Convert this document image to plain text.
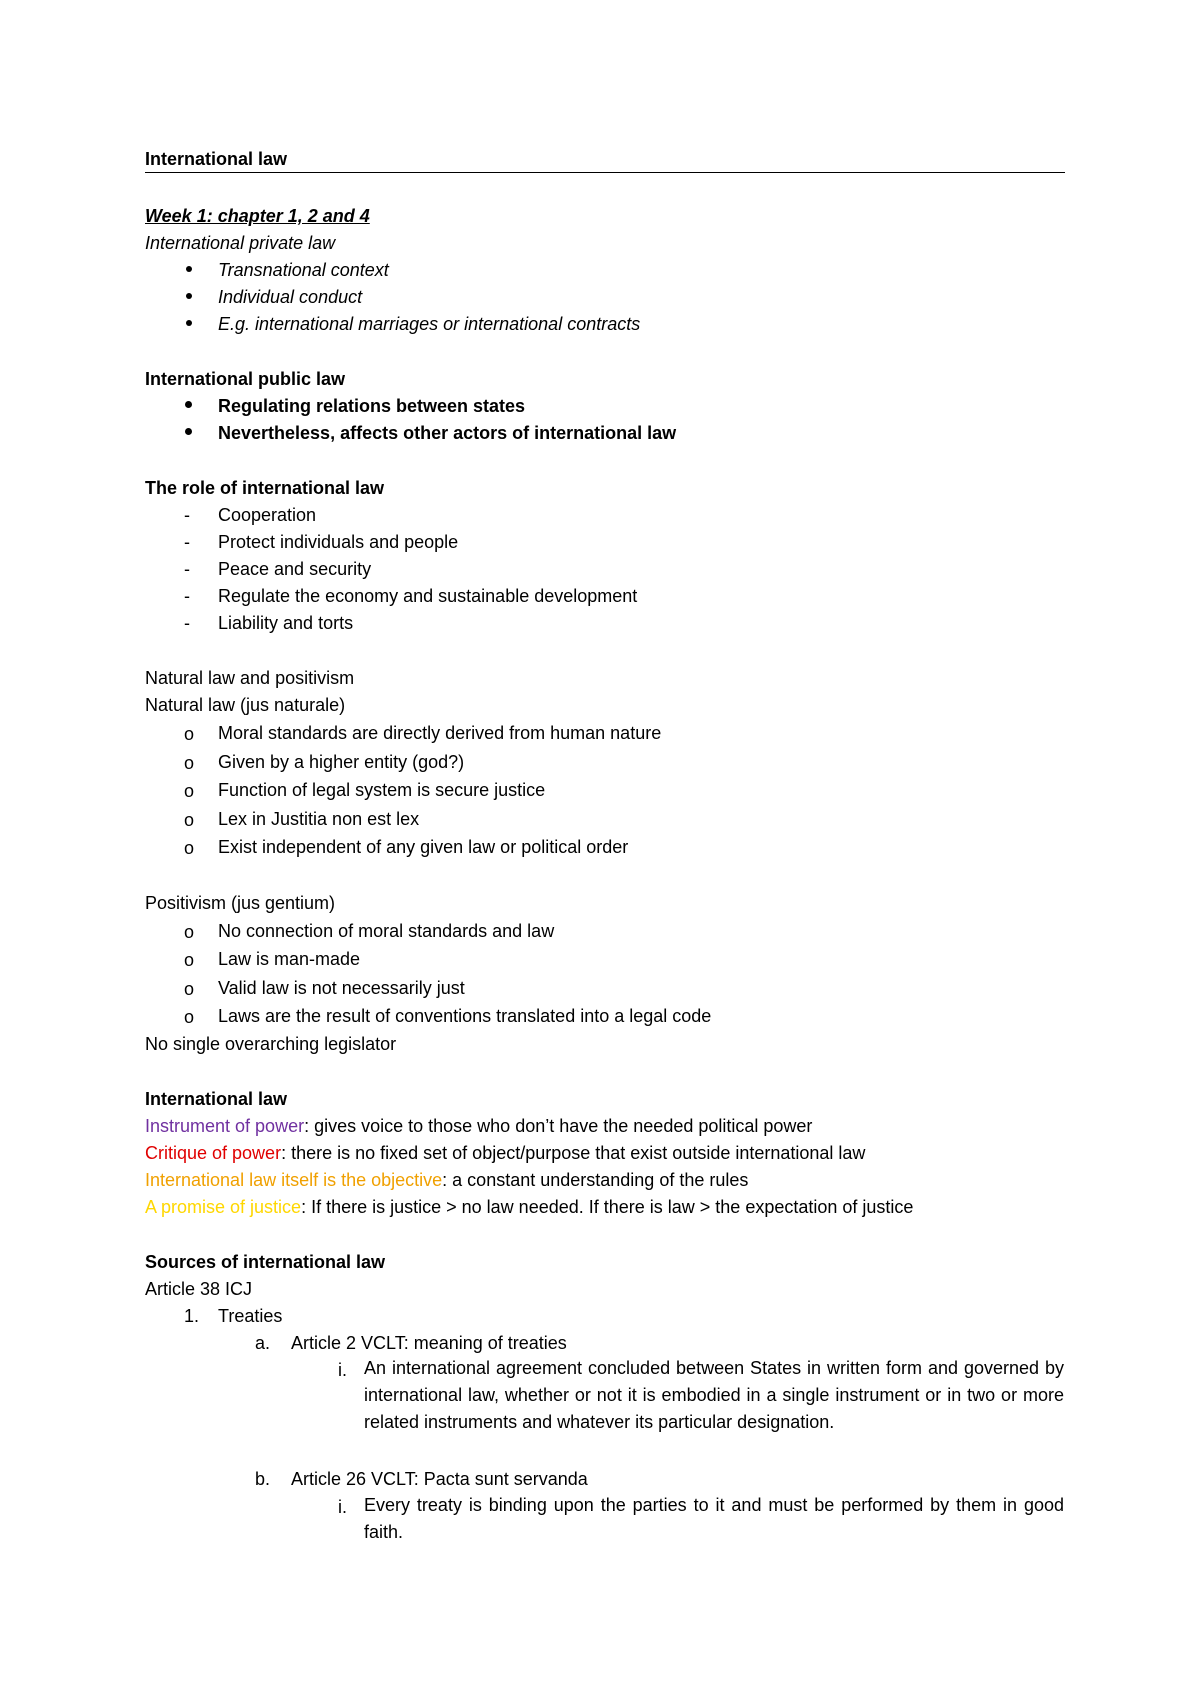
International law
Week 1: chapter 1, 2 and 4
International private law
Transnational context
Individual conduct
E.g. international marriages or international contracts
International public law
Regulating relations between states
Nevertheless, affects other actors of international law
The role of international law
- Cooperation
- Protect individuals and people
- Peace and security
- Regulate the economy and sustainable development
- Liability and torts
Natural law and positivism
Natural law (jus naturale)
o Moral standards are directly derived from human nature
o Given by a higher entity (god?)
o Function of legal system is secure justice
o Lex in Justitia non est lex
o Exist independent of any given law or political order
Positivism (jus gentium)
o No connection of moral standards and law
o Law is man-made
o Valid law is not necessarily just
o Laws are the result of conventions translated into a legal code
No single overarching legislator
International law
Instrument of power: gives voice to those who don’t have the needed political power
Critique of power: there is no fixed set of object/purpose that exist outside international law
International law itself is the objective: a constant understanding of the rules
A promise of justice: If there is justice > no law needed. If there is law > the expectation of justice
Sources of international law
Article 38 ICJ
1. Treaties
a. Article 2 VCLT: meaning of treaties
i. An international agreement concluded between States in written form and governed by international law, whether or not it is embodied in a single instrument or in two or more related instruments and whatever its particular designation.
b. Article 26 VCLT: Pacta sunt servanda
i. Every treaty is binding upon the parties to it and must be performed by them in good faith.
